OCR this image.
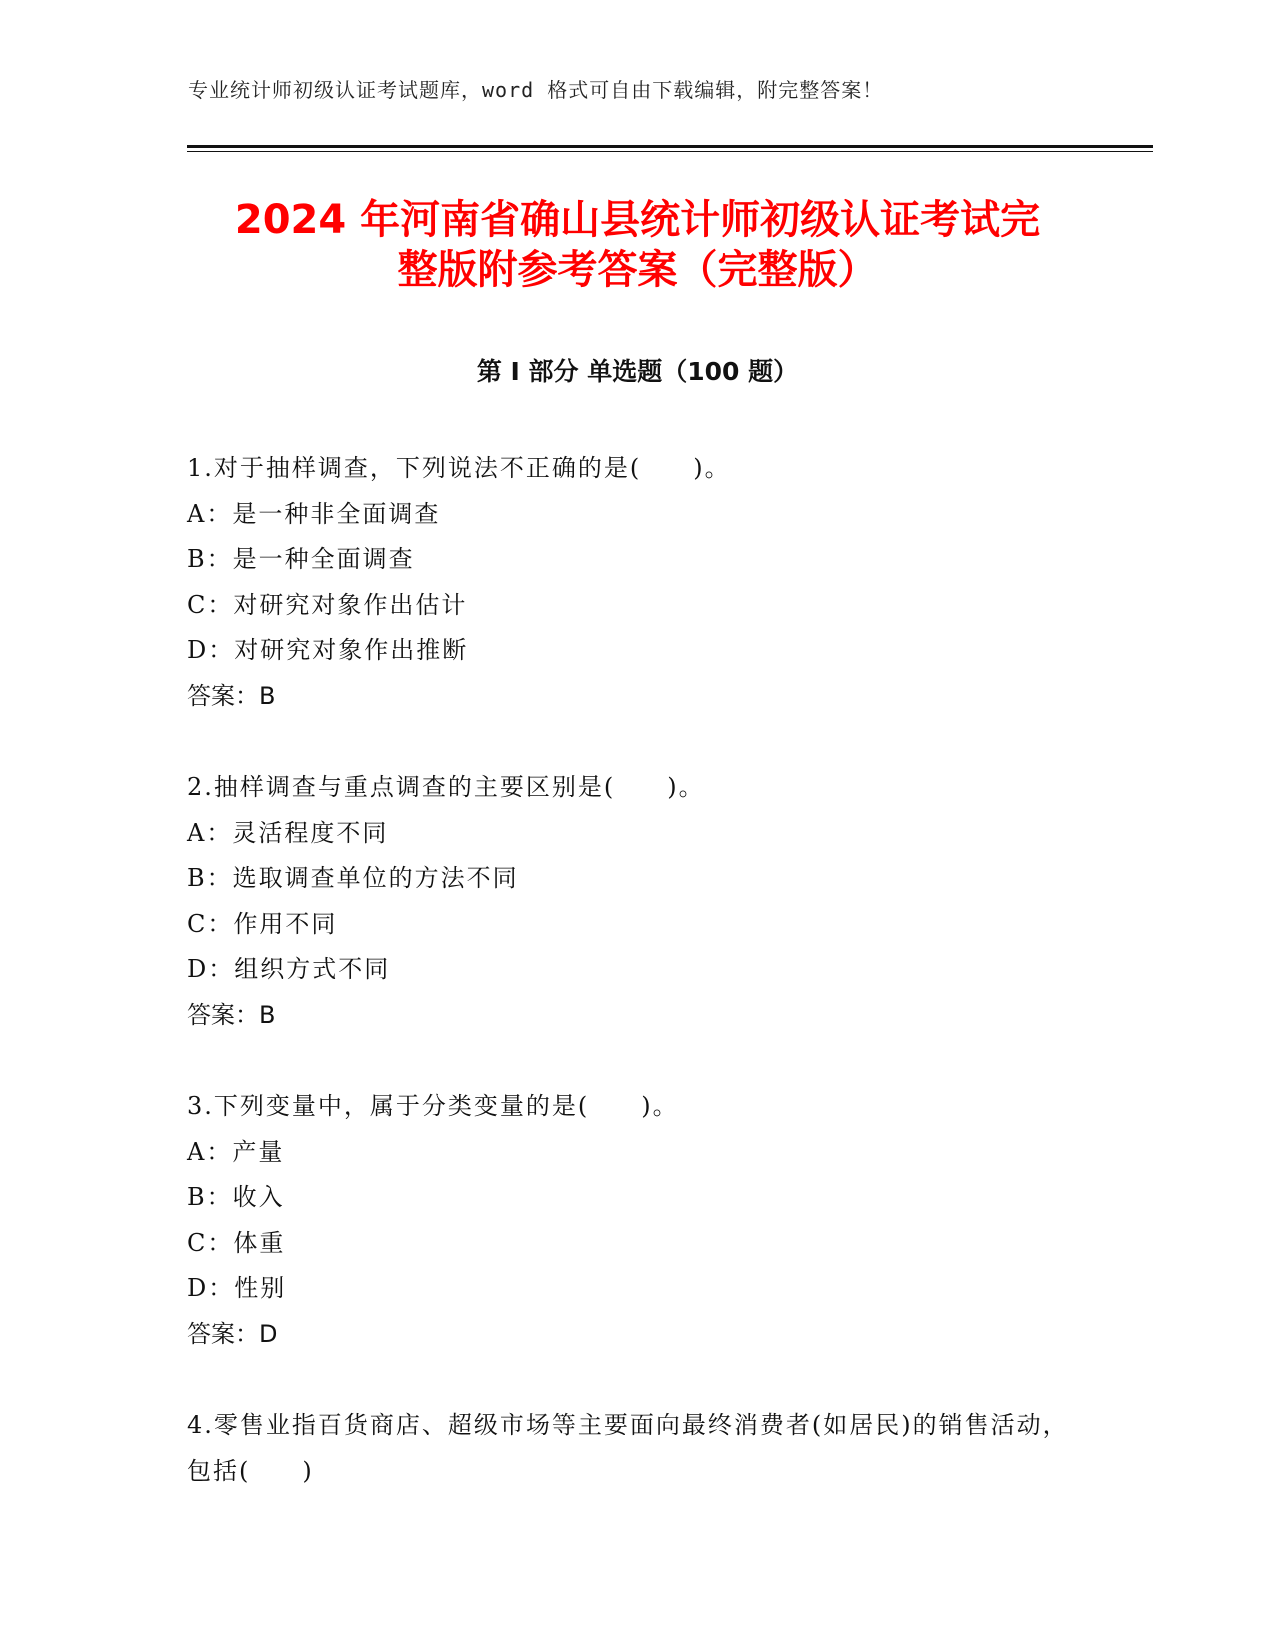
专业统计师初级认证考试题库，word 格式可自由下载编辑，附完整答案！
2024 年河南省确山县统计师初级认证考试完
整版附参考答案（完整版）
第 I 部分 单选题（100 题）
1.对于抽样调查，下列说法不正确的是(　　)。
A：是一种非全面调查
B：是一种全面调查
C：对研究对象作出估计
D：对研究对象作出推断
答案：B
2.抽样调查与重点调查的主要区别是(　　)。
A：灵活程度不同
B：选取调查单位的方法不同
C：作用不同
D：组织方式不同
答案：B
3.下列变量中，属于分类变量的是(　　)。
A：产量
B：收入
C：体重
D：性别
答案：D
4.零售业指百货商店、超级市场等主要面向最终消费者(如居民)的销售活动，包括(　　)
